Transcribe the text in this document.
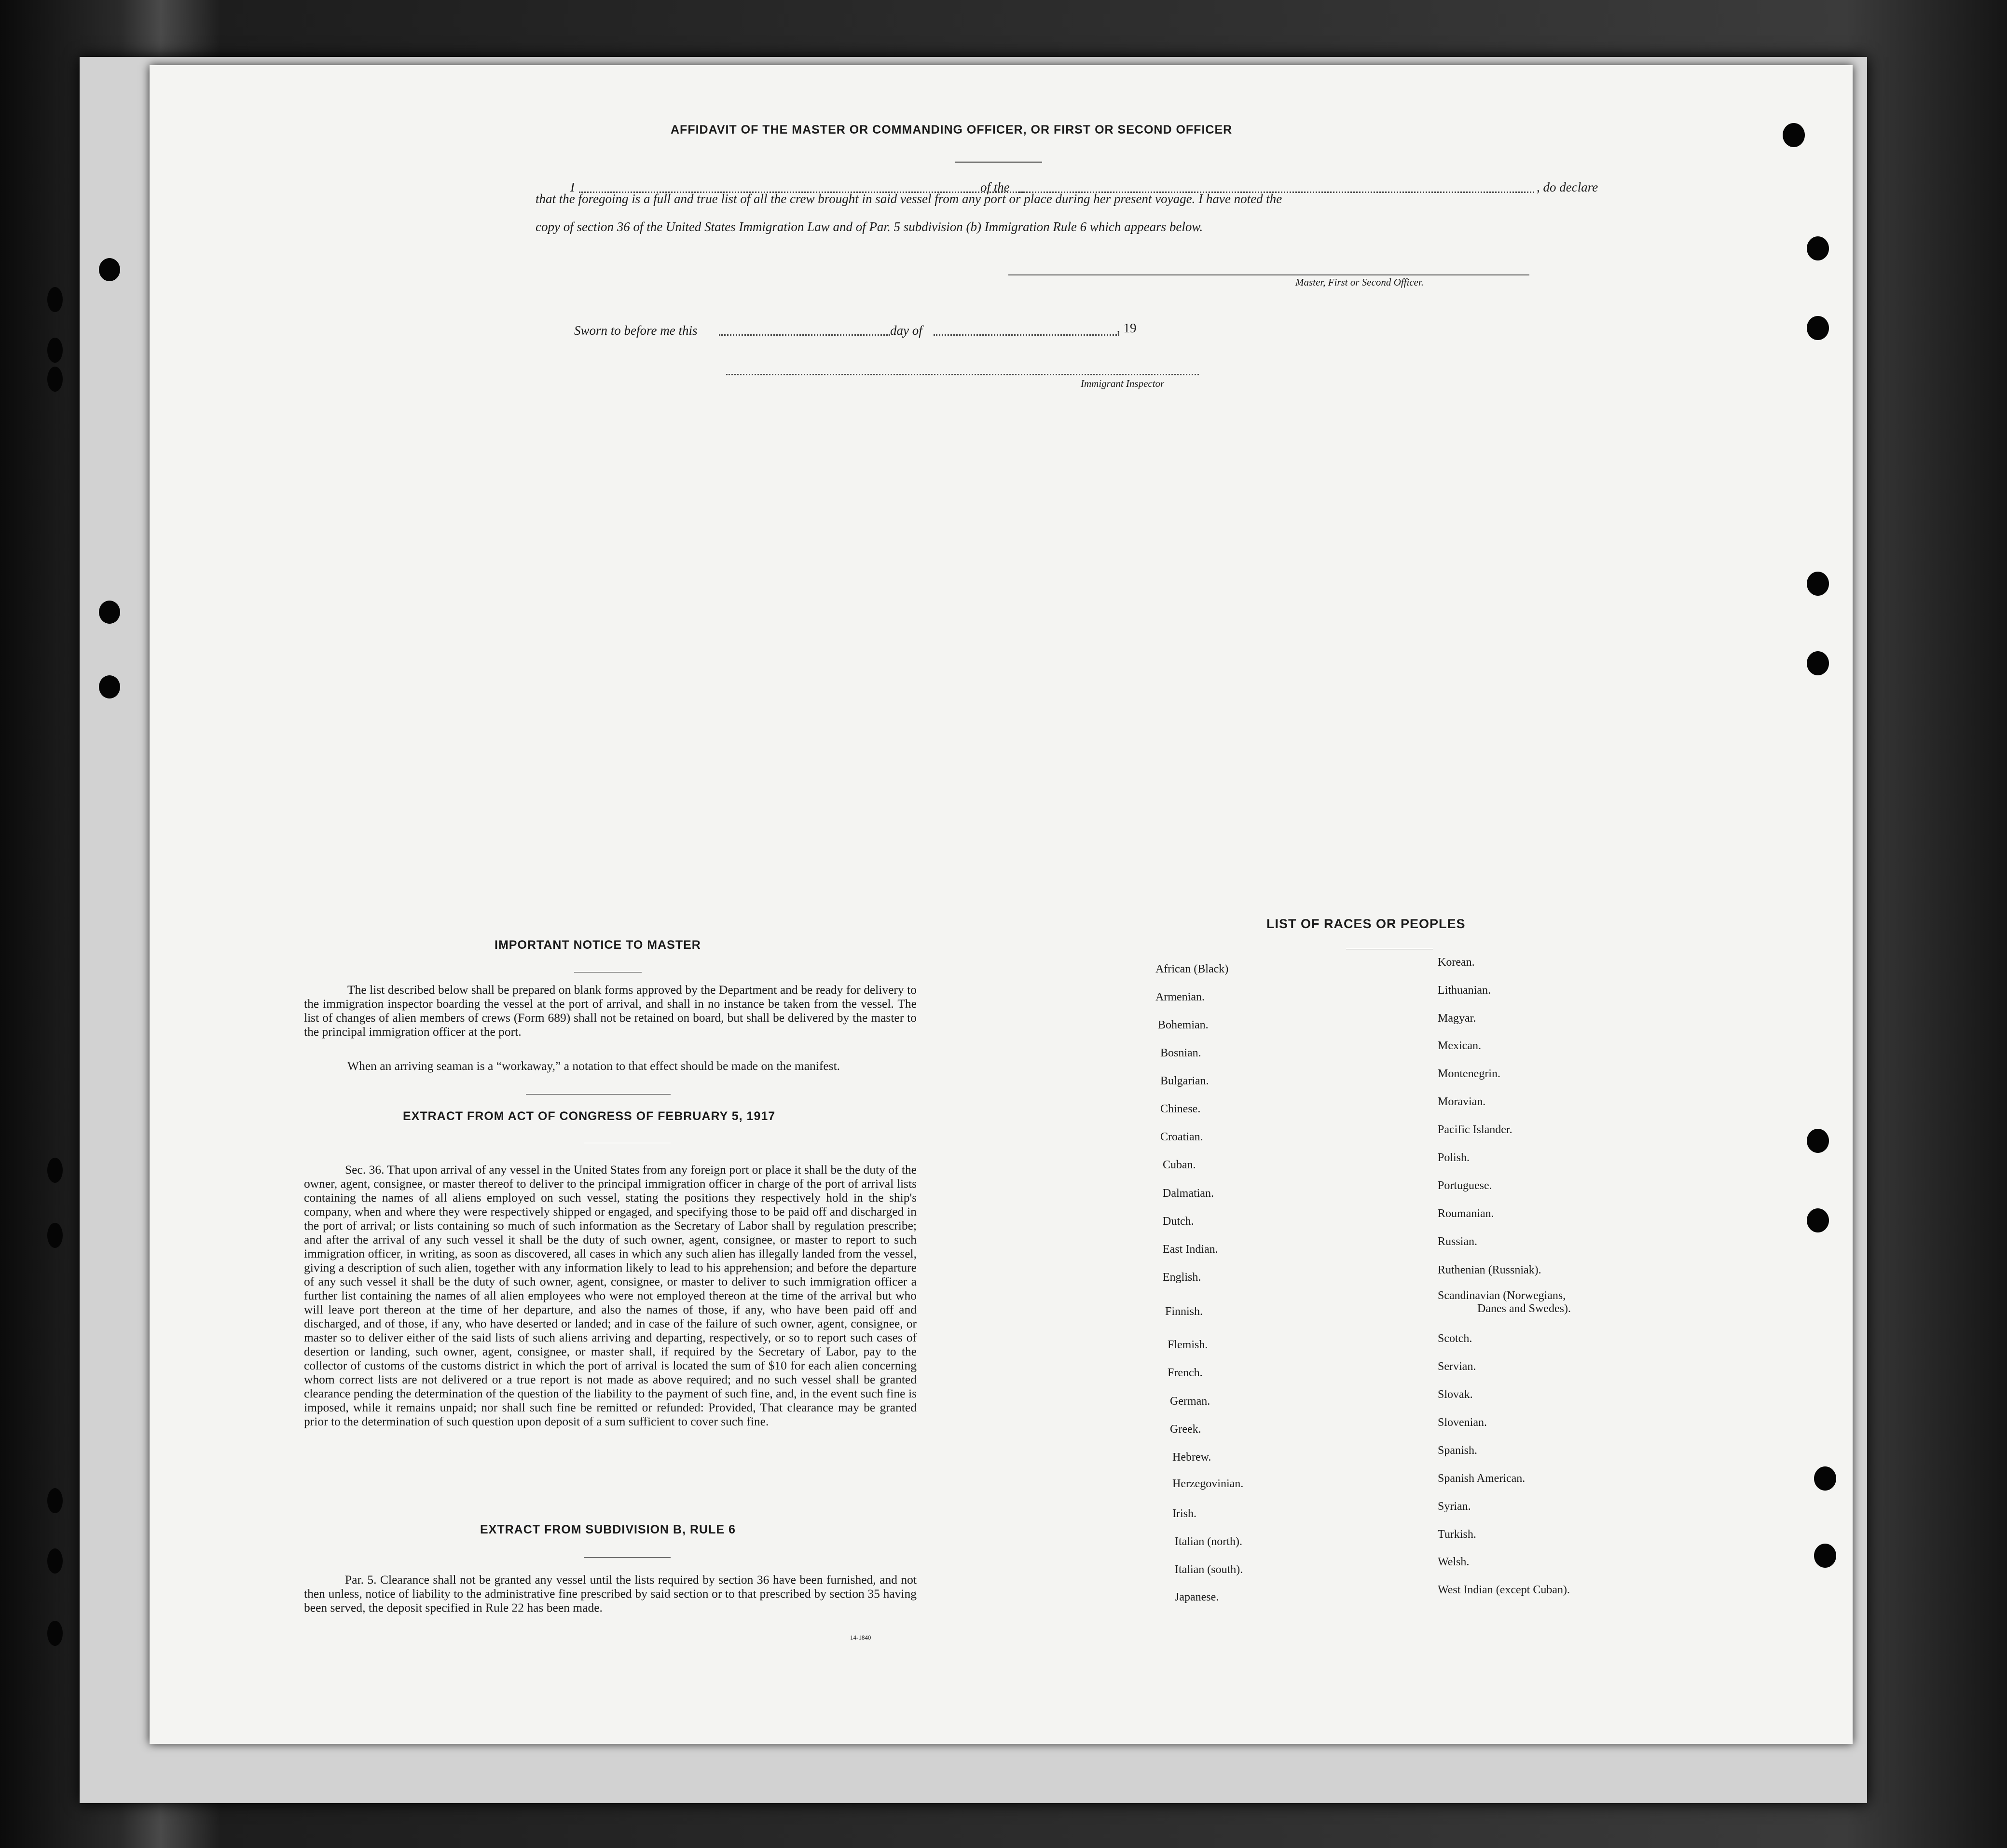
AFFIDAVIT OF THE MASTER OR COMMANDING OFFICER, OR FIRST OR SECOND OFFICER
I	of the	, do declare
that the foregoing is a full and true list of all the crew brought in said vessel from any port or place during her present voyage. I have noted the
copy of section 36 of the United States Immigration Law and of Par. 5 subdivision (b) Immigration Rule 6 which appears below.
Master, First or Second Officer.
Sworn to before me this	day of	, 19
Immigrant Inspector
IMPORTANT NOTICE TO MASTER
The list described below shall be prepared on blank forms approved by the Department and be ready for delivery to the immigration inspector boarding the vessel at the port of arrival, and shall in no instance be taken from the vessel. The list of changes of alien members of crews (Form 689) shall not be retained on board, but shall be delivered by the master to the principal immigration officer at the port.
When an arriving seaman is a “workaway,” a notation to that effect should be made on the manifest.
EXTRACT FROM ACT OF CONGRESS OF FEBRUARY 5, 1917
Sec. 36. That upon arrival of any vessel in the United States from any foreign port or place it shall be the duty of the owner, agent, consignee, or master thereof to deliver to the principal immigration officer in charge of the port of arrival lists containing the names of all aliens employed on such vessel, stating the positions they respectively hold in the ship's company, when and where they were respectively shipped or engaged, and specifying those to be paid off and discharged in the port of arrival; or lists containing so much of such information as the Secretary of Labor shall by regulation prescribe; and after the arrival of any such vessel it shall be the duty of such owner, agent, consignee, or master to report to such immigration officer, in writing, as soon as discovered, all cases in which any such alien has illegally landed from the vessel, giving a description of such alien, together with any information likely to lead to his apprehension; and before the departure of any such vessel it shall be the duty of such owner, agent, consignee, or master to deliver to such immigration officer a further list containing the names of all alien employees who were not employed thereon at the time of the arrival but who will leave port thereon at the time of her departure, and also the names of those, if any, who have been paid off and discharged, and of those, if any, who have deserted or landed; and in case of the failure of such owner, agent, consignee, or master so to deliver either of the said lists of such aliens arriving and departing, respectively, or so to report such cases of desertion or landing, such owner, agent, consignee, or master shall, if required by the Secretary of Labor, pay to the collector of customs of the customs district in which the port of arrival is located the sum of $10 for each alien concerning whom correct lists are not delivered or a true report is not made as above required; and no such vessel shall be granted clearance pending the determination of the question of the liability to the payment of such fine, and, in the event such fine is imposed, while it remains unpaid; nor shall such fine be remitted or refunded: Provided, That clearance may be granted prior to the determination of such question upon deposit of a sum sufficient to cover such fine.
EXTRACT FROM SUBDIVISION B, RULE 6
Par. 5. Clearance shall not be granted any vessel until the lists required by section 36 have been furnished, and not then unless, notice of liability to the administrative fine prescribed by said section or to that prescribed by section 35 having been served, the deposit specified in Rule 22 has been made.
14-1840
LIST OF RACES OR PEOPLES
African (Black)
Armenian.
Bohemian.
Bosnian.
Bulgarian.
Chinese.
Croatian.
Cuban.
Dalmatian.
Dutch.
East Indian.
English.
Finnish.
Flemish.
French.
German.
Greek.
Hebrew.
Herzegovinian.
Irish.
Italian (north).
Italian (south).
Japanese.
Korean.
Lithuanian.
Magyar.
Mexican.
Montenegrin.
Moravian.
Pacific Islander.
Polish.
Portuguese.
Roumanian.
Russian.
Ruthenian (Russniak).
Scandinavian (Norwegians,
Danes and Swedes).
Scotch.
Servian.
Slovak.
Slovenian.
Spanish.
Spanish American.
Syrian.
Turkish.
Welsh.
West Indian (except Cuban).
